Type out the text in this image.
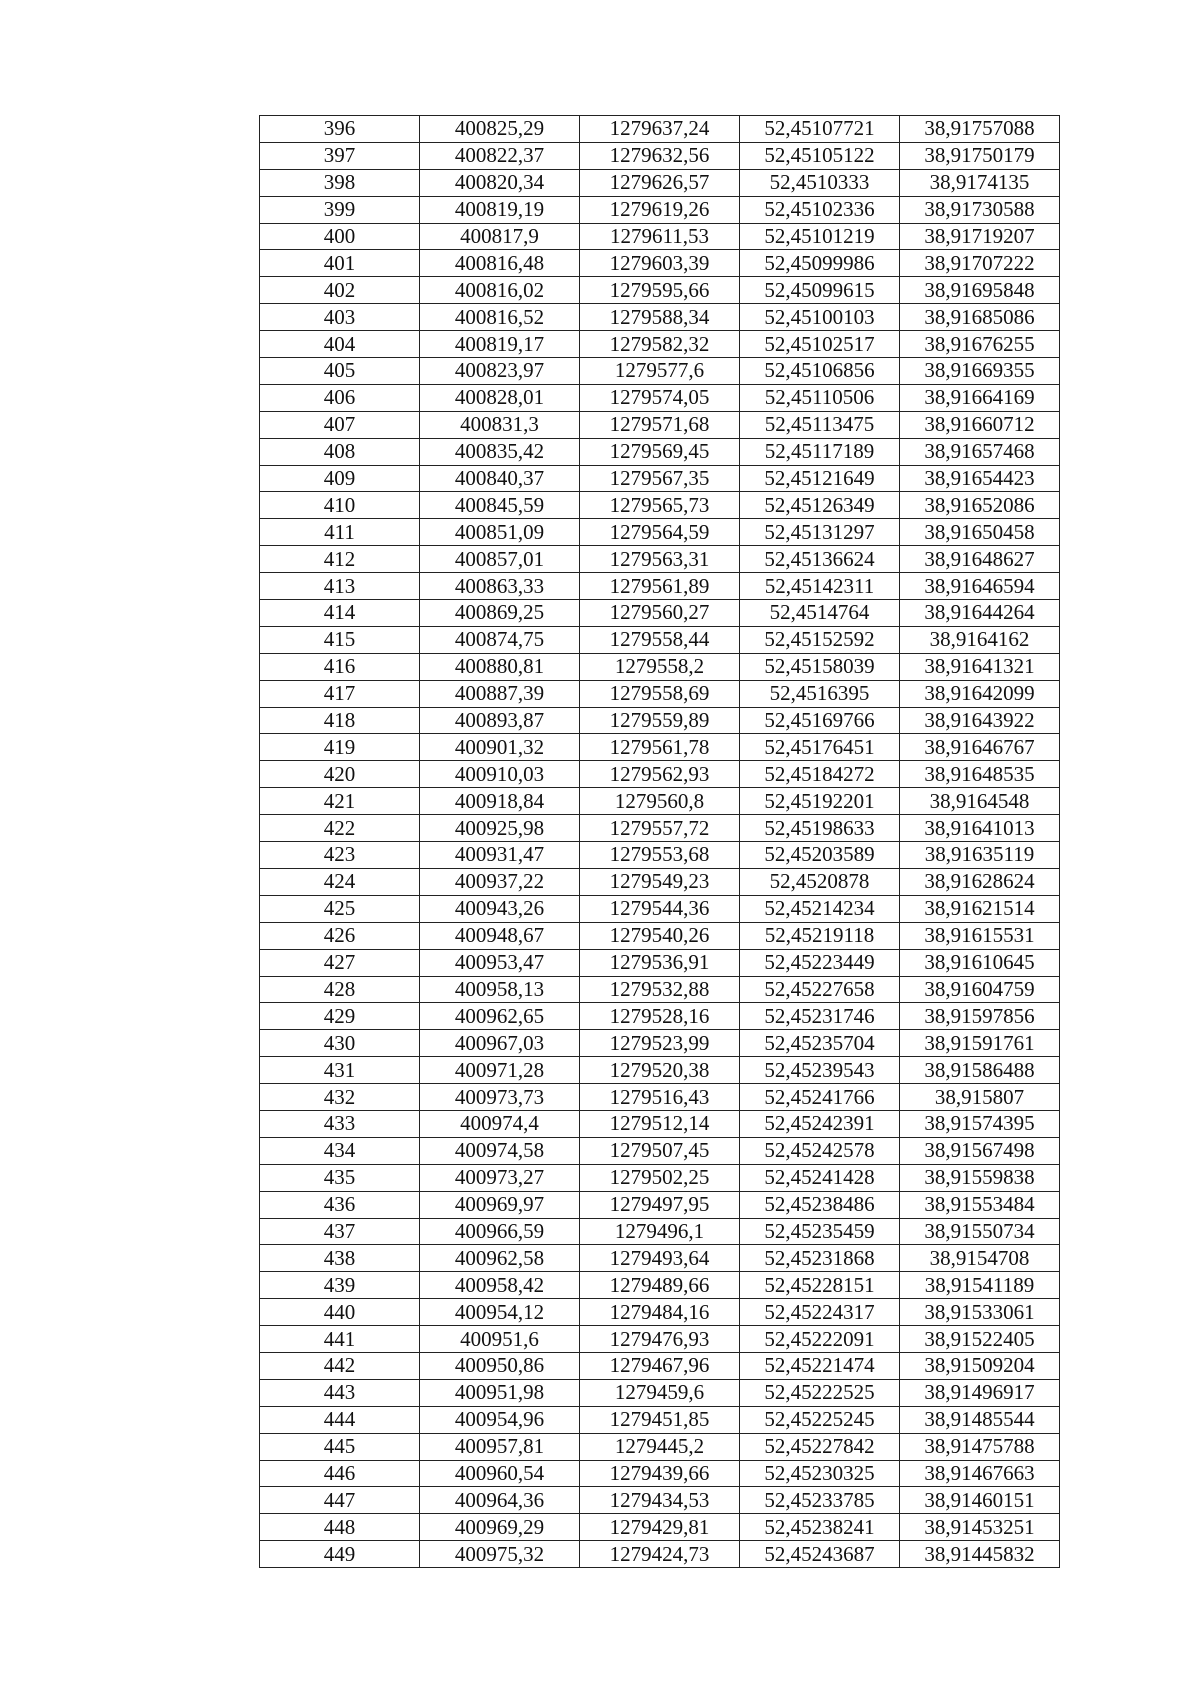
396	400825,29	1279637,24	52,45107721	38,91757088
397	400822,37	1279632,56	52,45105122	38,91750179
398	400820,34	1279626,57	52,4510333	38,9174135
399	400819,19	1279619,26	52,45102336	38,91730588
400	400817,9	1279611,53	52,45101219	38,91719207
401	400816,48	1279603,39	52,45099986	38,91707222
402	400816,02	1279595,66	52,45099615	38,91695848
403	400816,52	1279588,34	52,45100103	38,91685086
404	400819,17	1279582,32	52,45102517	38,91676255
405	400823,97	1279577,6	52,45106856	38,91669355
406	400828,01	1279574,05	52,45110506	38,91664169
407	400831,3	1279571,68	52,45113475	38,91660712
408	400835,42	1279569,45	52,45117189	38,91657468
409	400840,37	1279567,35	52,45121649	38,91654423
410	400845,59	1279565,73	52,45126349	38,91652086
411	400851,09	1279564,59	52,45131297	38,91650458
412	400857,01	1279563,31	52,45136624	38,91648627
413	400863,33	1279561,89	52,45142311	38,91646594
414	400869,25	1279560,27	52,4514764	38,91644264
415	400874,75	1279558,44	52,45152592	38,9164162
416	400880,81	1279558,2	52,45158039	38,91641321
417	400887,39	1279558,69	52,4516395	38,91642099
418	400893,87	1279559,89	52,45169766	38,91643922
419	400901,32	1279561,78	52,45176451	38,91646767
420	400910,03	1279562,93	52,45184272	38,91648535
421	400918,84	1279560,8	52,45192201	38,9164548
422	400925,98	1279557,72	52,45198633	38,91641013
423	400931,47	1279553,68	52,45203589	38,91635119
424	400937,22	1279549,23	52,4520878	38,91628624
425	400943,26	1279544,36	52,45214234	38,91621514
426	400948,67	1279540,26	52,45219118	38,91615531
427	400953,47	1279536,91	52,45223449	38,91610645
428	400958,13	1279532,88	52,45227658	38,91604759
429	400962,65	1279528,16	52,45231746	38,91597856
430	400967,03	1279523,99	52,45235704	38,91591761
431	400971,28	1279520,38	52,45239543	38,91586488
432	400973,73	1279516,43	52,45241766	38,915807
433	400974,4	1279512,14	52,45242391	38,91574395
434	400974,58	1279507,45	52,45242578	38,91567498
435	400973,27	1279502,25	52,45241428	38,91559838
436	400969,97	1279497,95	52,45238486	38,91553484
437	400966,59	1279496,1	52,45235459	38,91550734
438	400962,58	1279493,64	52,45231868	38,9154708
439	400958,42	1279489,66	52,45228151	38,91541189
440	400954,12	1279484,16	52,45224317	38,91533061
441	400951,6	1279476,93	52,45222091	38,91522405
442	400950,86	1279467,96	52,45221474	38,91509204
443	400951,98	1279459,6	52,45222525	38,91496917
444	400954,96	1279451,85	52,45225245	38,91485544
445	400957,81	1279445,2	52,45227842	38,91475788
446	400960,54	1279439,66	52,45230325	38,91467663
447	400964,36	1279434,53	52,45233785	38,91460151
448	400969,29	1279429,81	52,45238241	38,91453251
449	400975,32	1279424,73	52,45243687	38,91445832
